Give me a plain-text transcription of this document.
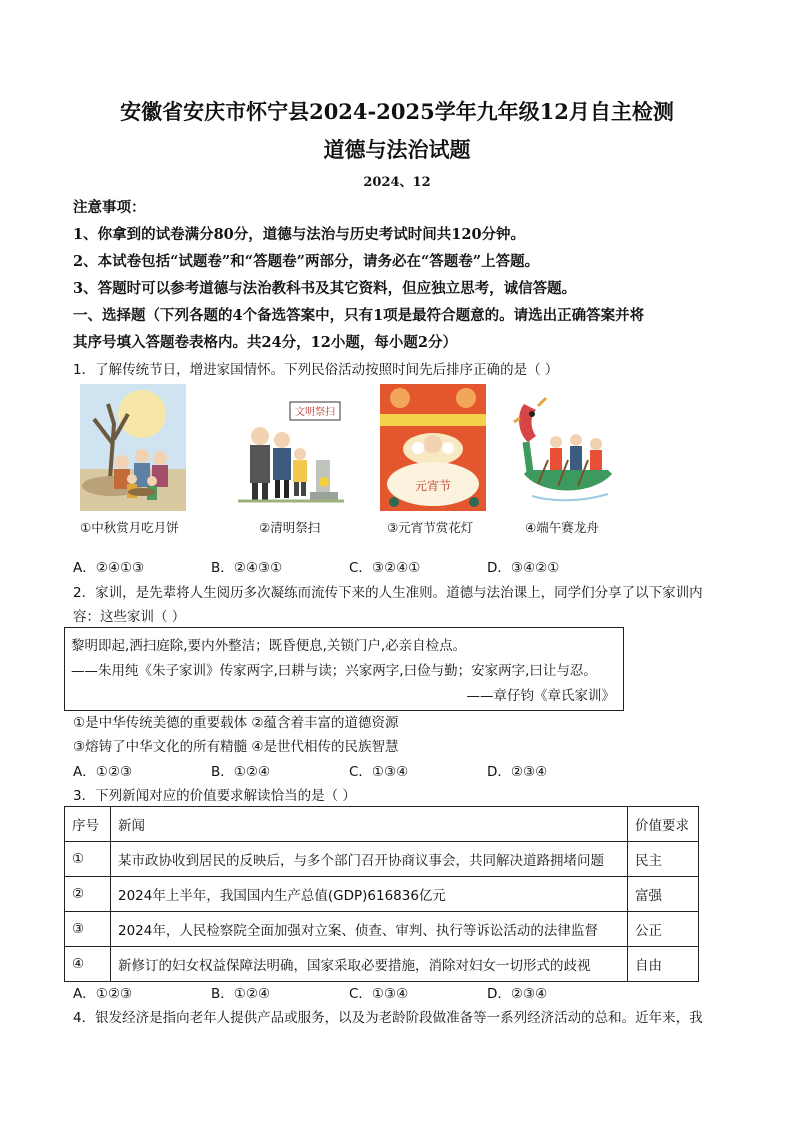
安徽省安庆市怀宁县2024-2025学年九年级12月自主检测
道德与法治试题
2024、12
注意事项：
1、你拿到的试卷满分80分，道德与法治与历史考试时间共120分钟。
2、本试卷包括“试题卷”和“答题卷”两部分，请务必在“答题卷”上答题。
3、答题时可以参考道德与法治教科书及其它资料，但应独立思考，诚信答题。
一、选择题（下列各题的4个备选答案中，只有1项是最符合题意的。请选出正确答案并将
其序号填入答题卷表格内。共24分，12小题，每小题2分）
1．了解传统节日，增进家国情怀。下列民俗活动按照时间先后排序正确的是（ ）
文明祭扫
元宵节
①中秋赏月吃月饼	②清明祭扫	③元宵节赏花灯	④端午赛龙舟
A．②④①③	B．②④③①	C．③②④①	D．③④②①
2．家训，是先辈将人生阅历多次凝练而流传下来的人生准则。道德与法治课上，同学们分享了以下家训内
容：这些家训（ ）
黎明即起,洒扫庭除,要内外整洁；既昏便息,关锁门户,必亲自检点。
——朱用纯《朱子家训》传家两字,曰耕与读；兴家两字,曰俭与勤；安家两字,曰让与忍。
——章仔钧《章氏家训》
①是中华传统美德的重要载体 ②蕴含着丰富的道德资源
③熔铸了中华文化的所有精髓 ④是世代相传的民族智慧
A．①②③	B．①②④	C．①③④	D．②③④
3．下列新闻对应的价值要求解读恰当的是（ ）
序号	新闻	价值要求
①	某市政协收到居民的反映后，与多个部门召开协商议事会，共同解决道路拥堵问题	民主
②	2024年上半年，我国国内生产总值(GDP)616836亿元	富强
③	2024年，人民检察院全面加强对立案、侦查、审判、执行等诉讼活动的法律监督	公正
④	新修订的妇女权益保障法明确，国家采取必要措施，消除对妇女一切形式的歧视	自由
A．①②③	B．①②④	C．①③④	D．②③④
4．银发经济是指向老年人提供产品或服务，以及为老龄阶段做准备等一系列经济活动的总和。近年来，我
